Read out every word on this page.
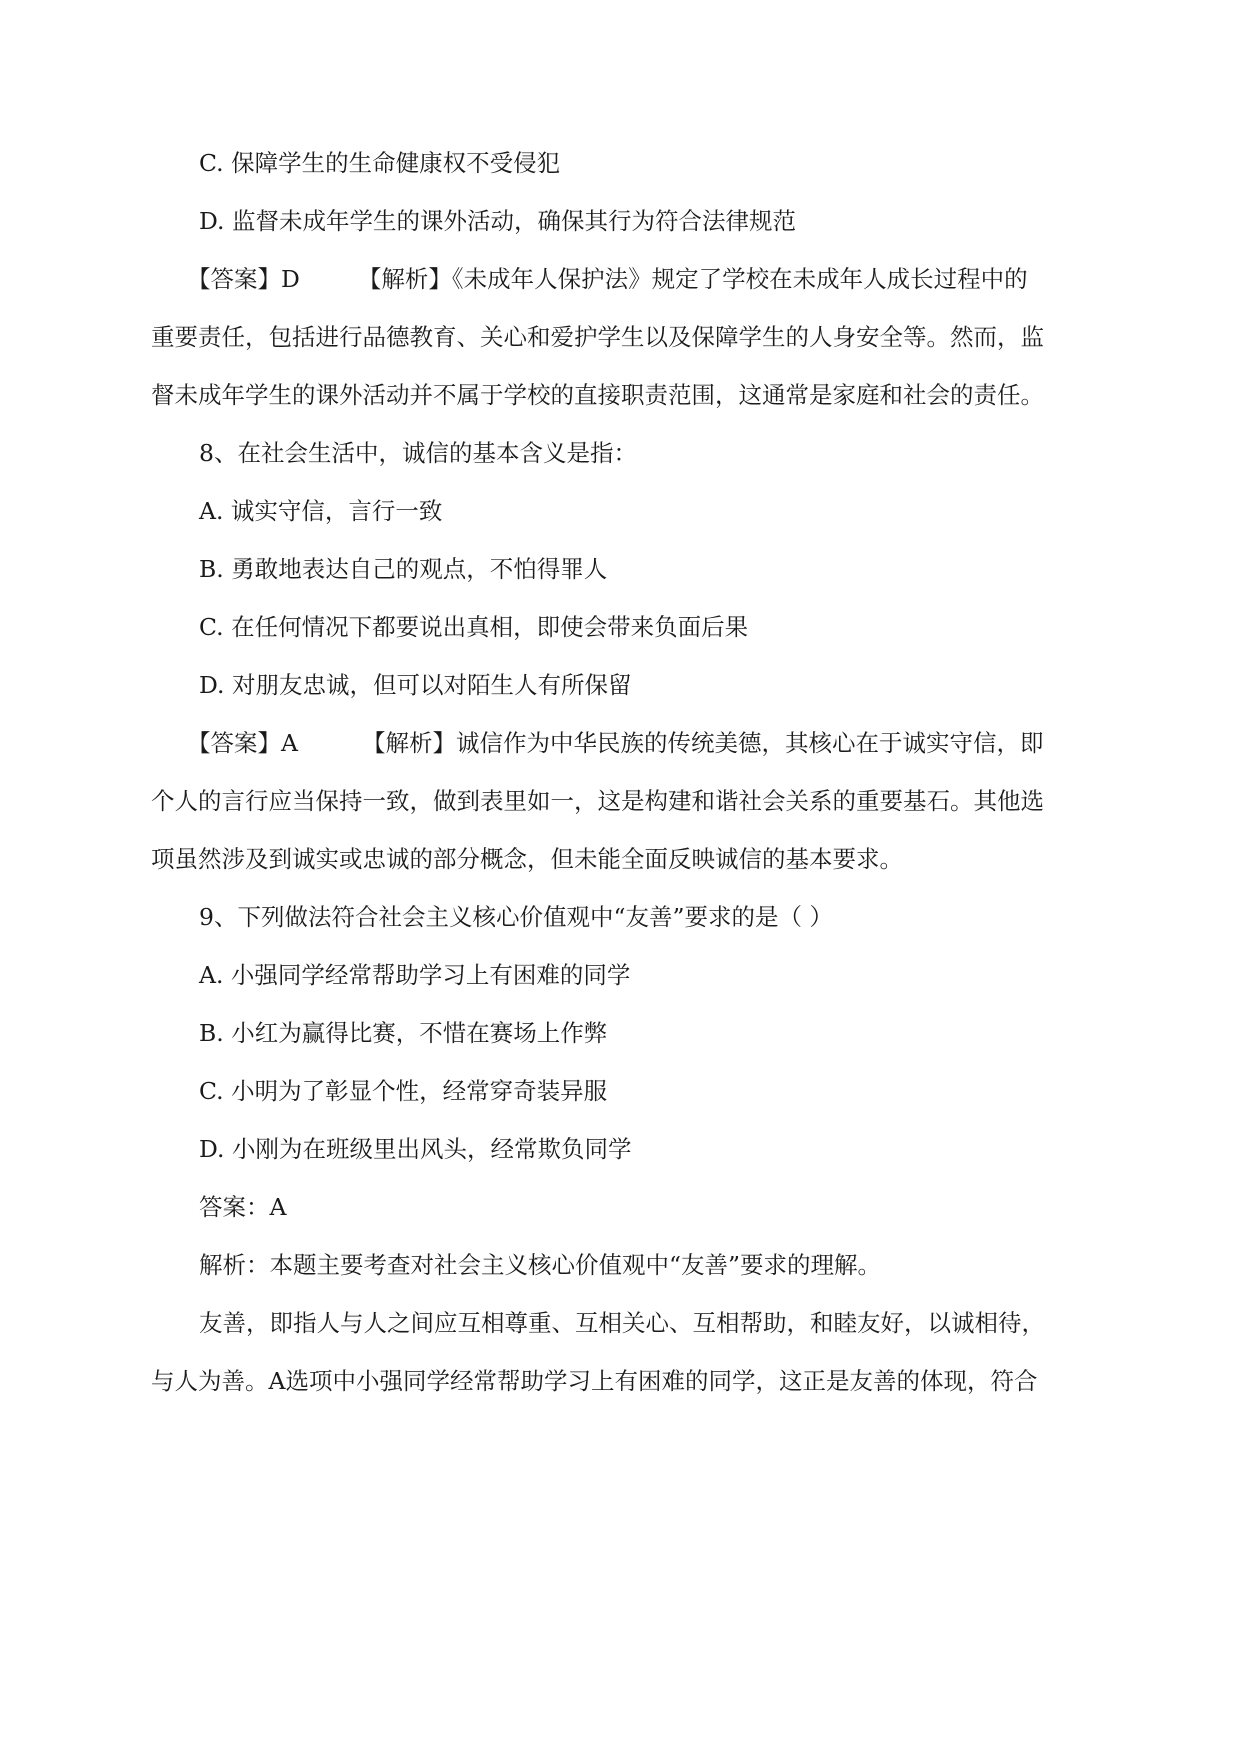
C. 保障学生的生命健康权不受侵犯
D. 监督未成年学生的课外活动，确保其行为符合法律规范
【答案】D 【解析】《未成年人保护法》规定了学校在未成年人成长过程中的
重要责任，包括进行品德教育、关心和爱护学生以及保障学生的人身安全等。然而，监
督未成年学生的课外活动并不属于学校的直接职责范围，这通常是家庭和社会的责任。
8、在社会生活中，诚信的基本含义是指：
A. 诚实守信，言行一致
B. 勇敢地表达自己的观点，不怕得罪人
C. 在任何情况下都要说出真相，即使会带来负面后果
D. 对朋友忠诚，但可以对陌生人有所保留
【答案】A	【解析】诚信作为中华民族的传统美德，其核心在于诚实守信，即
个人的言行应当保持一致，做到表里如一，这是构建和谐社会关系的重要基石。其他选
项虽然涉及到诚实或忠诚的部分概念，但未能全面反映诚信的基本要求。
9、下列做法符合社会主义核心价值观中“友善”要求的是（ ）
A. 小强同学经常帮助学习上有困难的同学
B. 小红为赢得比赛，不惜在赛场上作弊
C. 小明为了彰显个性，经常穿奇装异服
D. 小刚为在班级里出风头，经常欺负同学
答案：A
解析：本题主要考查对社会主义核心价值观中“友善”要求的理解。
友善，即指人与人之间应互相尊重、互相关心、互相帮助，和睦友好，以诚相待，
与人为善。A选项中小强同学经常帮助学习上有困难的同学，这正是友善的体现，符合
